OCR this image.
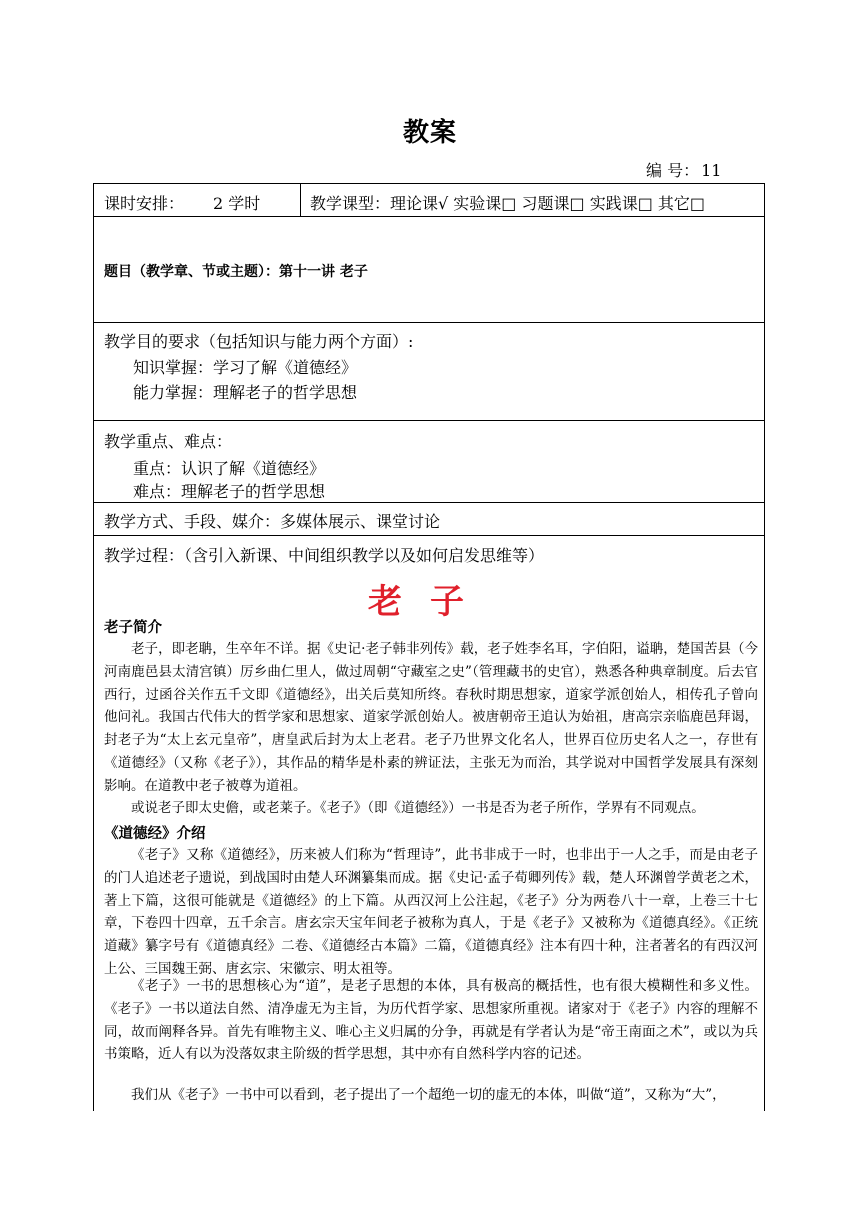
教案
编 号： 11
课时安排： 2 学时	教学课型：理论课√ 实验课□ 习题课□ 实践课□ 其它□
题目（教学章、节或主题）：第十一讲 老子
教学目的要求（包括知识与能力两个方面）:
知识掌握：学习了解《道德经》
能力掌握：理解老子的哲学思想
教学重点、难点：
重点：认识了解《道德经》
难点：理解老子的哲学思想
教学方式、手段、媒介：多媒体展示、课堂讨论
教学过程：（含引入新课、中间组织教学以及如何启发思维等）
老子
老子简介
老子，即老聃，生卒年不详。据《史记·老子韩非列传》载，老子姓李名耳，字伯阳，谥聃，楚国苦县（今河南鹿邑县太清宫镇）厉乡曲仁里人，做过周朝“守藏室之史”（管理藏书的史官），熟悉各种典章制度。后去官西行，过函谷关作五千文即《道德经》，出关后莫知所终。春秋时期思想家，道家学派创始人，相传孔子曾向他问礼。我国古代伟大的哲学家和思想家、道家学派创始人。被唐朝帝王追认为始祖，唐高宗亲临鹿邑拜谒，封老子为“太上玄元皇帝”，唐皇武后封为太上老君。老子乃世界文化名人，世界百位历史名人之一，存世有《道德经》（又称《老子》），其作品的精华是朴素的辨证法，主张无为而治，其学说对中国哲学发展具有深刻影响。在道教中老子被尊为道祖。
或说老子即太史儋，或老莱子。《老子》（即《道德经》）一书是否为老子所作，学界有不同观点。
《道德经》介绍
《老子》又称《道德经》，历来被人们称为“哲理诗”，此书非成于一时，也非出于一人之手，而是由老子的门人追述老子遗说，到战国时由楚人环渊纂集而成。据《史记·孟子荀卿列传》载，楚人环渊曾学黄老之术，著上下篇，这很可能就是《道德经》的上下篇。从西汉河上公注起，《老子》分为两卷八十一章，上卷三十七章，下卷四十四章，五千余言。唐玄宗天宝年间老子被称为真人，于是《老子》又被称为《道德真经》。《正统道藏》纂字号有《道德真经》二卷、《道德经古本篇》二篇，《道德真经》注本有四十种，注者著名的有西汉河上公、三国魏王弼、唐玄宗、宋徽宗、明太祖等。
《老子》一书的思想核心为“道”，是老子思想的本体，具有极高的概括性，也有很大模糊性和多义性。《老子》一书以道法自然、清净虚无为主旨，为历代哲学家、思想家所重视。诸家对于《老子》内容的理解不同，故而阐释各异。首先有唯物主义、唯心主义归属的分争，再就是有学者认为是“帝王南面之术”，或以为兵书策略，近人有以为没落奴隶主阶级的哲学思想，其中亦有自然科学内容的记述。
我们从《老子》一书中可以看到，老子提出了一个超绝一切的虚无的本体，叫做“道”，又称为“大”，
